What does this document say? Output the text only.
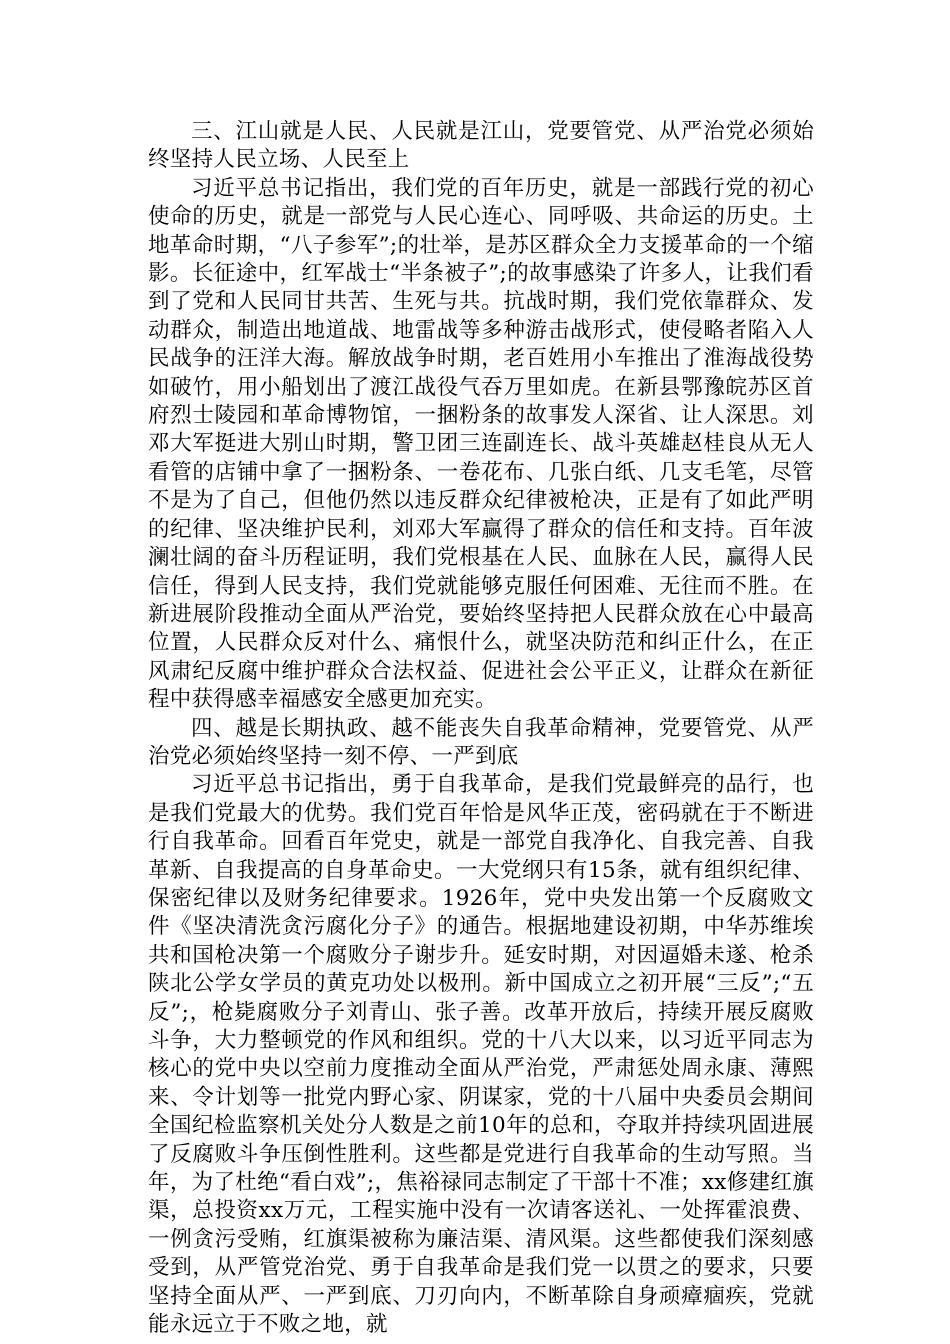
三、江山就是人民、人民就是江山，党要管党、从严治党必须始终坚持人民立场、人民至上

习近平总书记指出，我们党的百年历史，就是一部践行党的初心使命的历史，就是一部党与人民心连心、同呼吸、共命运的历史。土地革命时期，“八子参军”;的壮举，是苏区群众全力支援革命的一个缩影。长征途中，红军战士“半条被子”;的故事感染了许多人，让我们看到了党和人民同甘共苦、生死与共。抗战时期，我们党依靠群众、发动群众，制造出地道战、地雷战等多种游击战形式，使侵略者陷入人民战争的汪洋大海。解放战争时期，老百姓用小车推出了淮海战役势如破竹，用小船划出了渡江战役气吞万里如虎。在新县鄂豫皖苏区首府烈士陵园和革命博物馆，一捆粉条的故事发人深省、让人深思。刘邓大军挺进大别山时期，警卫团三连副连长、战斗英雄赵桂良从无人看管的店铺中拿了一捆粉条、一卷花布、几张白纸、几支毛笔，尽管不是为了自己，但他仍然以违反群众纪律被枪决，正是有了如此严明的纪律、坚决维护民利，刘邓大军赢得了群众的信任和支持。百年波澜壮阔的奋斗历程证明，我们党根基在人民、血脉在人民，赢得人民信任，得到人民支持，我们党就能够克服任何困难、无往而不胜。在新进展阶段推动全面从严治党，要始终坚持把人民群众放在心中最高位置，人民群众反对什么、痛恨什么，就坚决防范和纠正什么，在正风肃纪反腐中维护群众合法权益、促进社会公平正义，让群众在新征程中获得感幸福感安全感更加充实。

四、越是长期执政、越不能丧失自我革命精神，党要管党、从严治党必须始终坚持一刻不停、一严到底

习近平总书记指出，勇于自我革命，是我们党最鲜亮的品行，也是我们党最大的优势。我们党百年恰是风华正茂，密码就在于不断进行自我革命。回看百年党史，就是一部党自我净化、自我完善、自我革新、自我提高的自身革命史。一大党纲只有15条，就有组织纪律、保密纪律以及财务纪律要求。1926年，党中央发出第一个反腐败文件《坚决清洗贪污腐化分子》的通告。根据地建设初期，中华苏维埃共和国枪决第一个腐败分子谢步升。延安时期，对因逼婚未遂、枪杀陕北公学女学员的黄克功处以极刑。新中国成立之初开展“三反”;“五反”;，枪毙腐败分子刘青山、张子善。改革开放后，持续开展反腐败斗争，大力整顿党的作风和组织。党的十八大以来，以习近平同志为核心的党中央以空前力度推动全面从严治党，严肃惩处周永康、薄熙来、令计划等一批党内野心家、阴谋家，党的十八届中央委员会期间全国纪检监察机关处分人数是之前10年的总和，夺取并持续巩固进展了反腐败斗争压倒性胜利。这些都是党进行自我革命的生动写照。当年，为了杜绝“看白戏”;，焦裕禄同志制定了干部十不准；xx修建红旗渠，总投资xx万元，工程实施中没有一次请客送礼、一处挥霍浪费、一例贪污受贿，红旗渠被称为廉洁渠、清风渠。这些都使我们深刻感受到，从严管党治党、勇于自我革命是我们党一以贯之的要求，只要坚持全面从严、一严到底、刀刃向内，不断革除自身顽瘴痼疾，党就能永远立于不败之地，就
